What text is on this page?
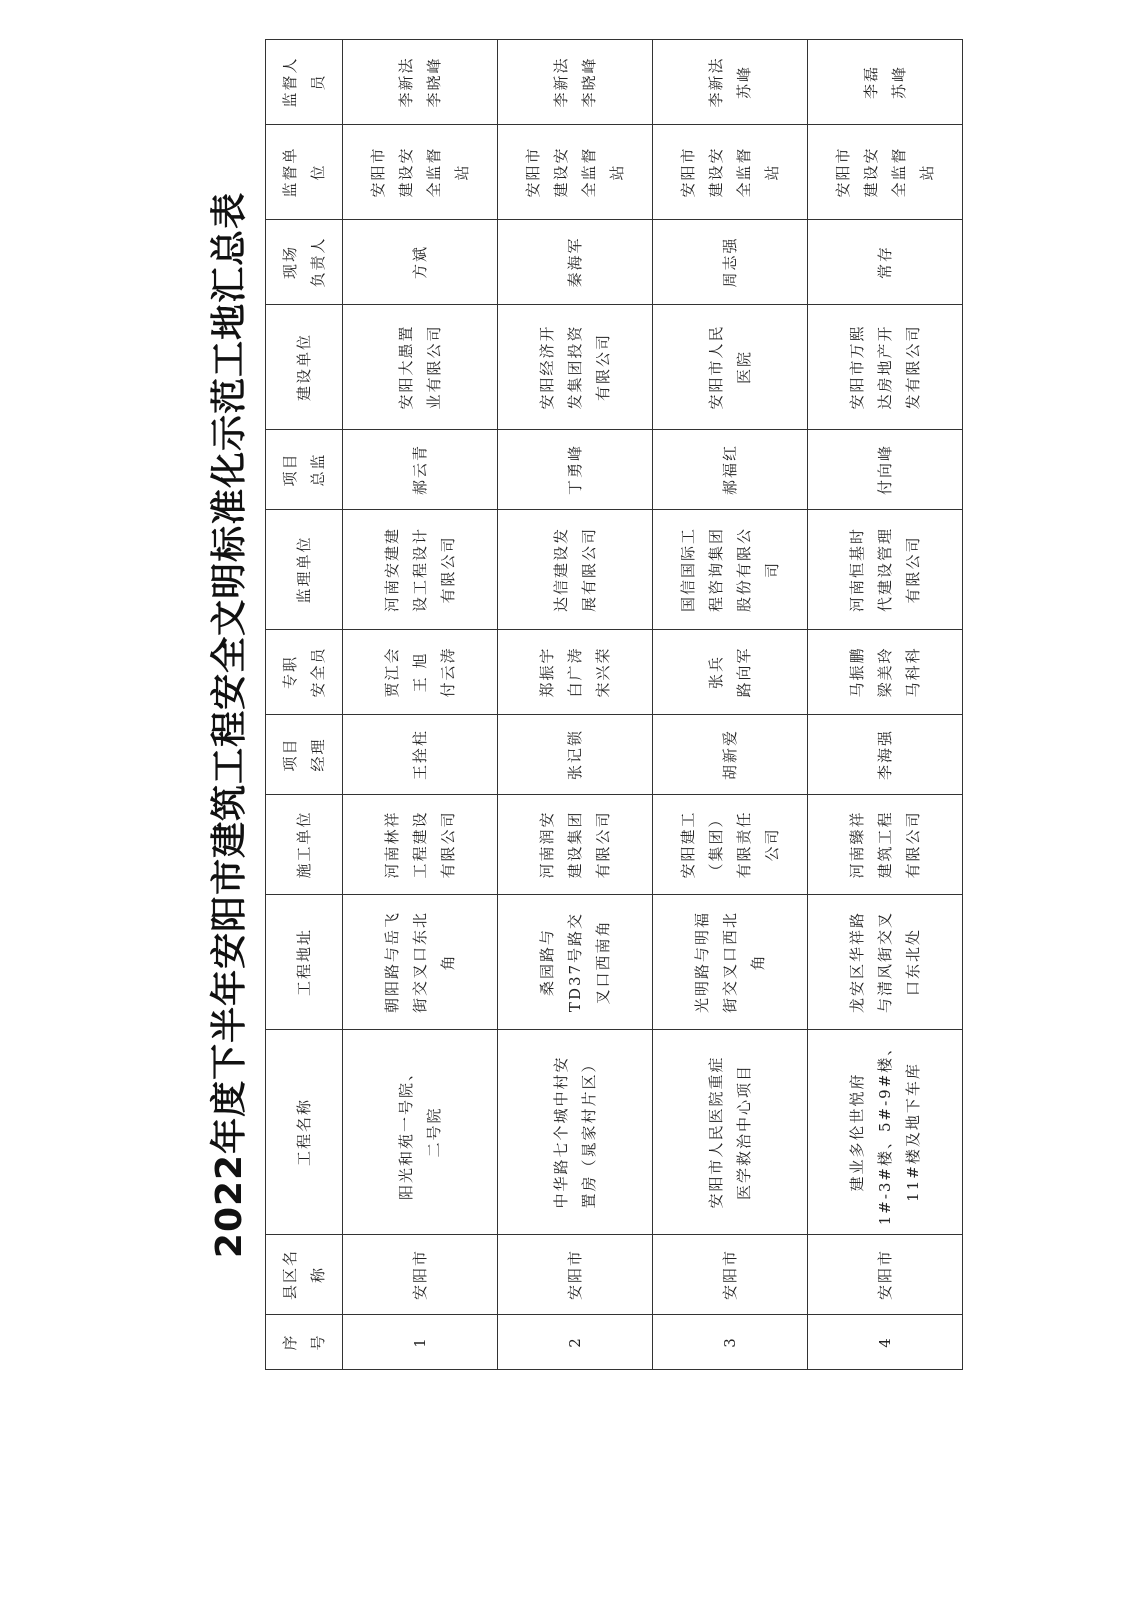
2022年度下半年安阳市建筑工程安全文明标准化示范工地汇总表
序
号	县区名
称	工程名称	工程地址	施工单位	项目
经理	专职
安全员	监理单位	项目
总监	建设单位	现场
负责人	监督单
位	监督人
员
1	安阳市	阳光和苑一号院、
二号院	朝阳路与岳飞
街交叉口东北
角	河南林祥
工程建设
有限公司	王拴柱	贾江会
王 旭
付云涛	河南安建建
设工程设计
有限公司	郝云青	安阳大愚置
业有限公司	方斌	安阳市
建设安
全监督
站	李新法
李晓峰
2	安阳市	中华路七个城中村安
置房（晁家村片区）	桑园路与
TD37号路交
叉口西南角	河南润安
建设集团
有限公司	张记锁	郑振宇
白广涛
宋兴荣	达信建设发
展有限公司	丁勇峰	安阳经济开
发集团投资
有限公司	秦海军	安阳市
建设安
全监督
站	李新法
李晓峰
3	安阳市	安阳市人民医院重症
医学救治中心项目	光明路与明福
街交叉口西北
角	安阳建工
（集团）
有限责任
公司	胡新爱	张兵
路向军	国信国际工
程咨询集团
股份有限公
司	郝福红	安阳市人民
医院	周志强	安阳市
建设安
全监督
站	李新法
苏峰
4	安阳市	建业多伦世悦府
1#-3#楼、5#-9#楼、
11#楼及地下车库	龙安区华祥路
与清风街交叉
口东北处	河南臻祥
建筑工程
有限公司	李海强	马振鹏
梁美玲
马科科	河南恒基时
代建设管理
有限公司	付向峰	安阳市万熙
达房地产开
发有限公司	常存	安阳市
建设安
全监督
站	李磊
苏峰
